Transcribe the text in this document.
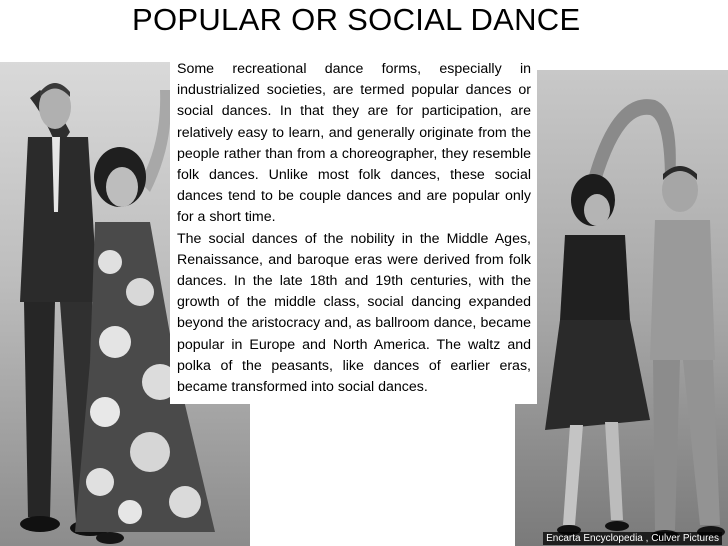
POPULAR OR SOCIAL DANCE
Encarta Encyclopedia , Culver Pictures

Some recreational dance forms, especially in industrialized societies, are termed popular dances or social dances. In that they are for participation, are relatively easy to learn, and generally originate from the people rather than from a choreographer, they resemble folk dances. Unlike most folk dances, these social dances tend to be couple dances and are popular only for a short time.

The social dances of the nobility in the Middle Ages, Renaissance, and baroque eras were derived from folk dances. In the late 18th and 19th centuries, with the growth of the middle class, social dancing expanded beyond the aristocracy and, as ballroom dance, became popular in Europe and North America. The waltz and polka of the peasants, like dances of earlier eras, became transformed into social dances.
